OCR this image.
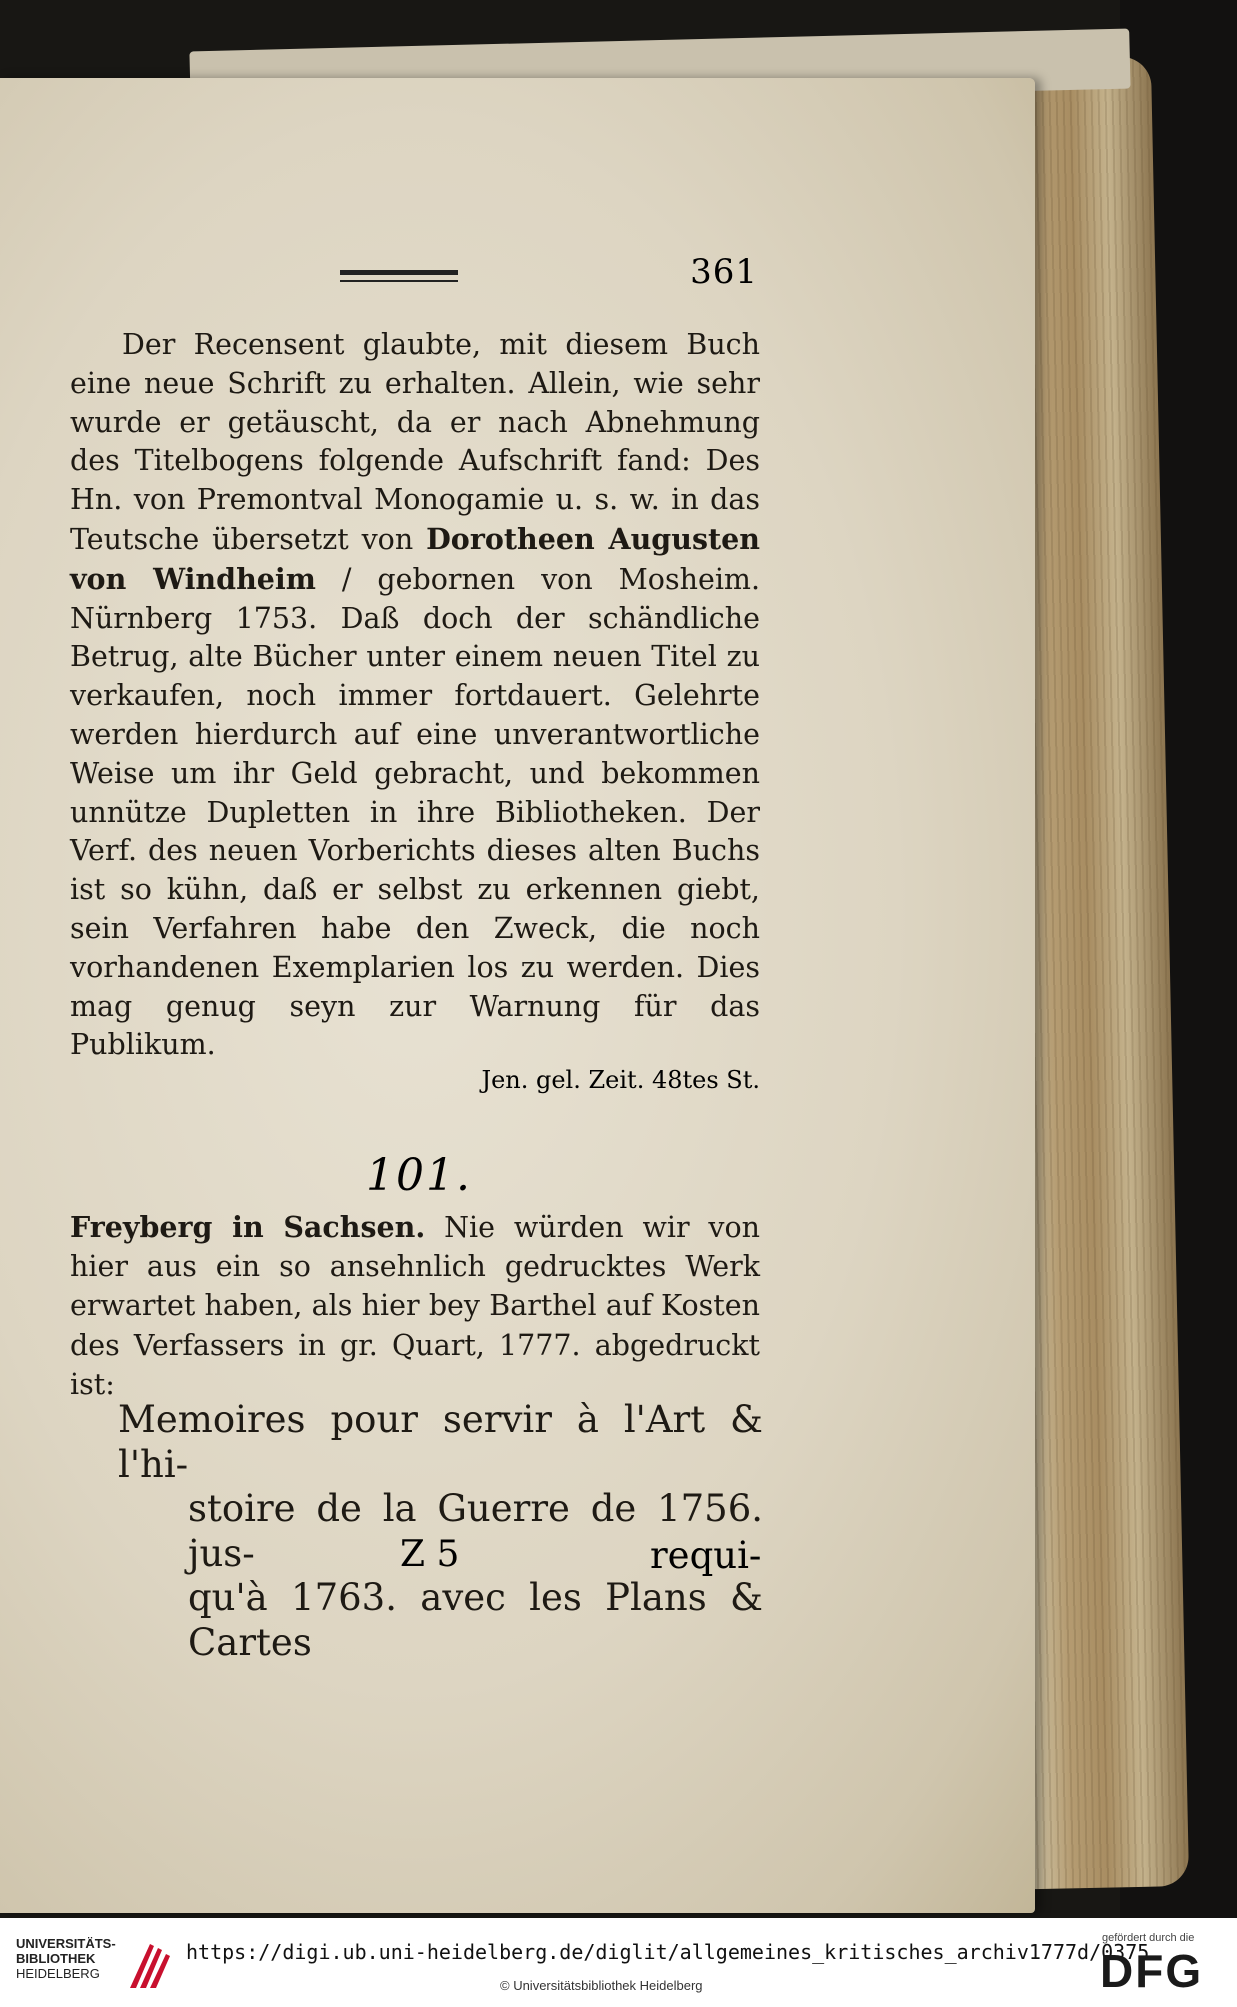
361

Der Recensent glaubte, mit diesem Buch eine neue Schrift zu erhalten. Allein, wie sehr wurde er getäuscht, da er nach Abnehmung des Titelbogens folgende Aufschrift fand: Des Hn. von Premontval Monogamie u. s. w. in das Teutsche übersetzt von Dorotheen Augusten von Windheim / gebornen von Mosheim. Nürnberg 1753. Daß doch der schändliche Betrug, alte Bücher unter einem neuen Titel zu verkaufen, noch immer fortdauert. Gelehrte werden hierdurch auf eine unverantwortliche Weise um ihr Geld gebracht, und bekommen unnütze Dupletten in ihre Bibliotheken. Der Verf. des neuen Vorberichts dieses alten Buchs ist so kühn, daß er selbst zu erkennen giebt, sein Verfahren habe den Zweck, die noch vorhandenen Exemplarien los zu werden. Dies mag genug seyn zur Warnung für das Publikum.

Jen. gel. Zeit. 48tes St.
101.

Freyberg in Sachsen. Nie würden wir von hier aus ein so ansehnlich gedrucktes Werk erwartet haben, als hier bey Barthel auf Kosten des Verfassers in gr. Quart, 1777. abgedruckt ist:

Memoires pour servir à l'Art & l'hi-
stoire de la Guerre de 1756. jus-
qu'à 1763. avec les Plans & Cartes
Z 5	requi-
UNIVERSITÄTS-
BIBLIOTHEK
HEIDELBERG
https://digi.ub.uni-heidelberg.de/diglit/allgemeines_kritisches_archiv1777d/0375
© Universitätsbibliothek Heidelberg
gefördert durch die
DFG
